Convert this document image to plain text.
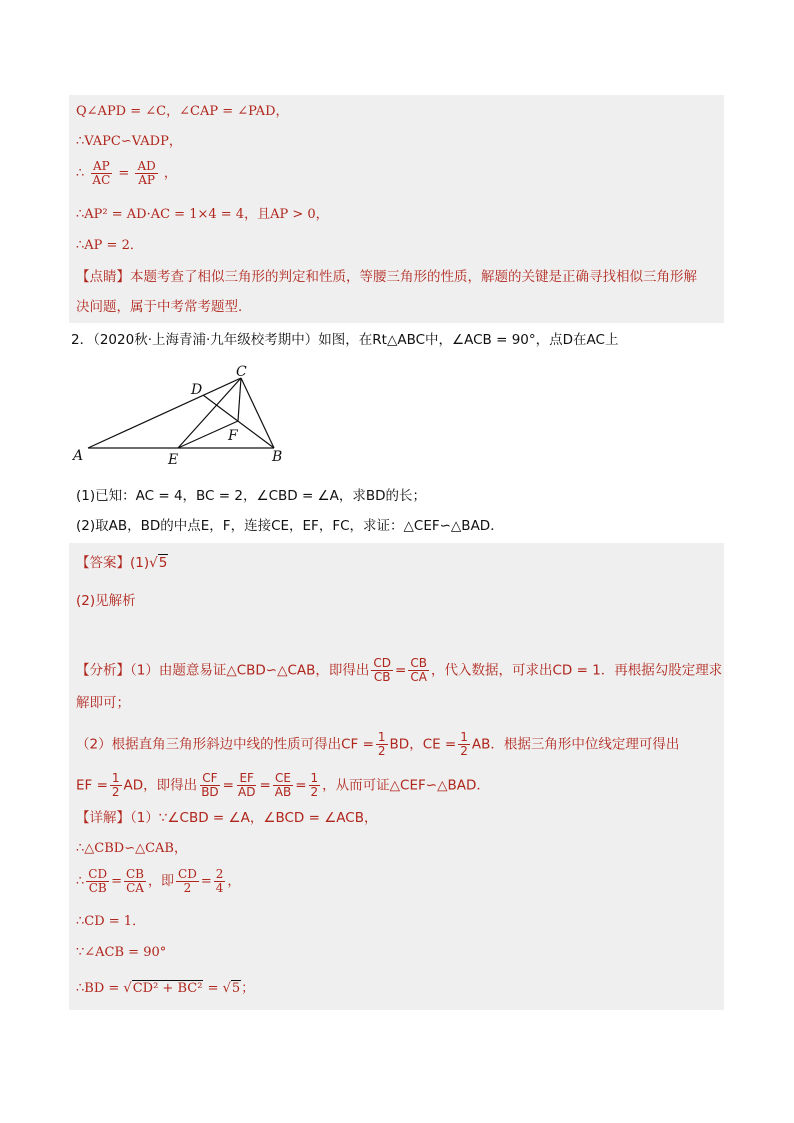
Q∠APD = ∠C，∠CAP = ∠PAD，
∴VAPC∽VADP，
∴ $\frac{AP}{AC} = \frac{AD}{AP}$ ，
∴AP² = AD·AC = 1×4 = 4，且AP > 0，
∴AP = 2．
【点睛】本题考查了相似三角形的判定和性质，等腰三角形的性质，解题的关键是正确寻找相似三角形解
决问题，属于中考常考题型．
2．（2020秋·上海青浦·九年级校考期中）如图，在Rt△ABC中，∠ACB = 90°，点D在AC上
A	B
C
D
E
F
(1)已知：AC = 4，BC = 2，∠CBD = ∠A，求BD的长；
(2)取AB，BD的中点E，F，连接CE，EF，FC，求证：△CEF∽△BAD．
【答案】(1)√5
(2)见解析
【分析】（1）由题意易证△CBD∽△CAB，即得出 $\frac{CD}{CB} = \frac{CB}{CA}$ ，代入数据，可求出CD = 1．再根据勾股定理求
解即可；
（2）根据直角三角形斜边中线的性质可得出CF = $\frac{1}{2}$ BD，CE = $\frac{1}{2}$ AB．根据三角形中位线定理可得出
EF = $\frac{1}{2}$ AD，即得出 $\frac{CF}{BD} = \frac{EF}{AD} = \frac{CE}{AB} = \frac{1}{2}$ ，从而可证△CEF∽△BAD．
【详解】（1）∵∠CBD = ∠A，∠BCD = ∠ACB，
∴△CBD∽△CAB，
∴ $\frac{CD}{CB} = \frac{CB}{CA}$ ，即 $\frac{CD}{2} = \frac{2}{4}$ ，
∴CD = 1．
∵∠ACB = 90°
∴BD = √CD² + BC² = √5；
